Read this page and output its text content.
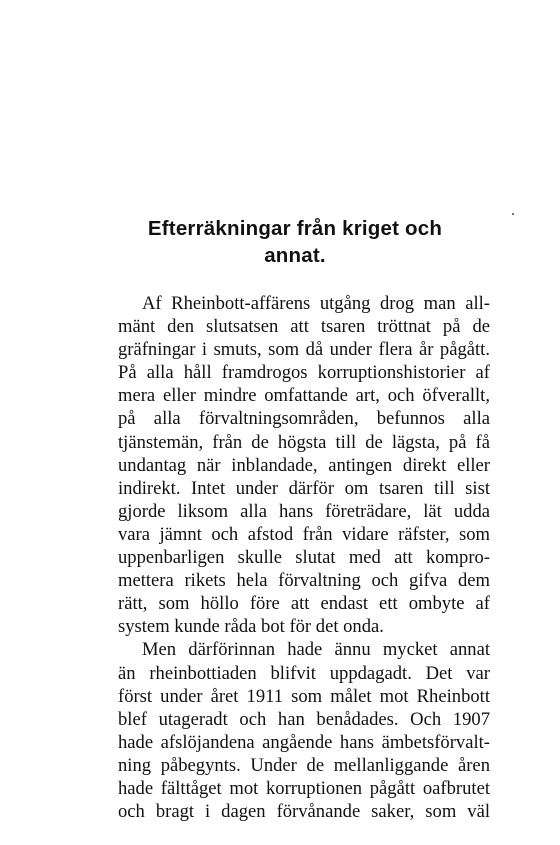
Efterräkningar från kriget och
annat.
Af Rheinbott-affärens utgång drog man all-
mänt den slutsatsen att tsaren tröttnat på de
gräfningar i smuts, som då under flera år pågått.
På alla håll framdrogos korruptionshistorier af
mera eller mindre omfattande art, och öfverallt,
på alla förvaltningsområden, befunnos alla
tjänstemän, från de högsta till de lägsta, på få
undantag när inblandade, antingen direkt eller
indirekt. Intet under därför om tsaren till sist
gjorde liksom alla hans företrädare, lät udda
vara jämnt och afstod från vidare räfster, som
uppenbarligen skulle slutat med att kompro-
mettera rikets hela förvaltning och gifva dem
rätt, som höllo före att endast ett ombyte af
system kunde råda bot för det onda.
Men därförinnan hade ännu mycket annat
än rheinbottiaden blifvit uppdagadt. Det var
först under året 1911 som målet mot Rheinbott
blef utageradt och han benådades. Och 1907
hade afslöjandena angående hans ämbetsförvalt-
ning påbegynts. Under de mellanliggande åren
hade fälttåget mot korruptionen pågått oafbrutet
och bragt i dagen förvånande saker, som väl
